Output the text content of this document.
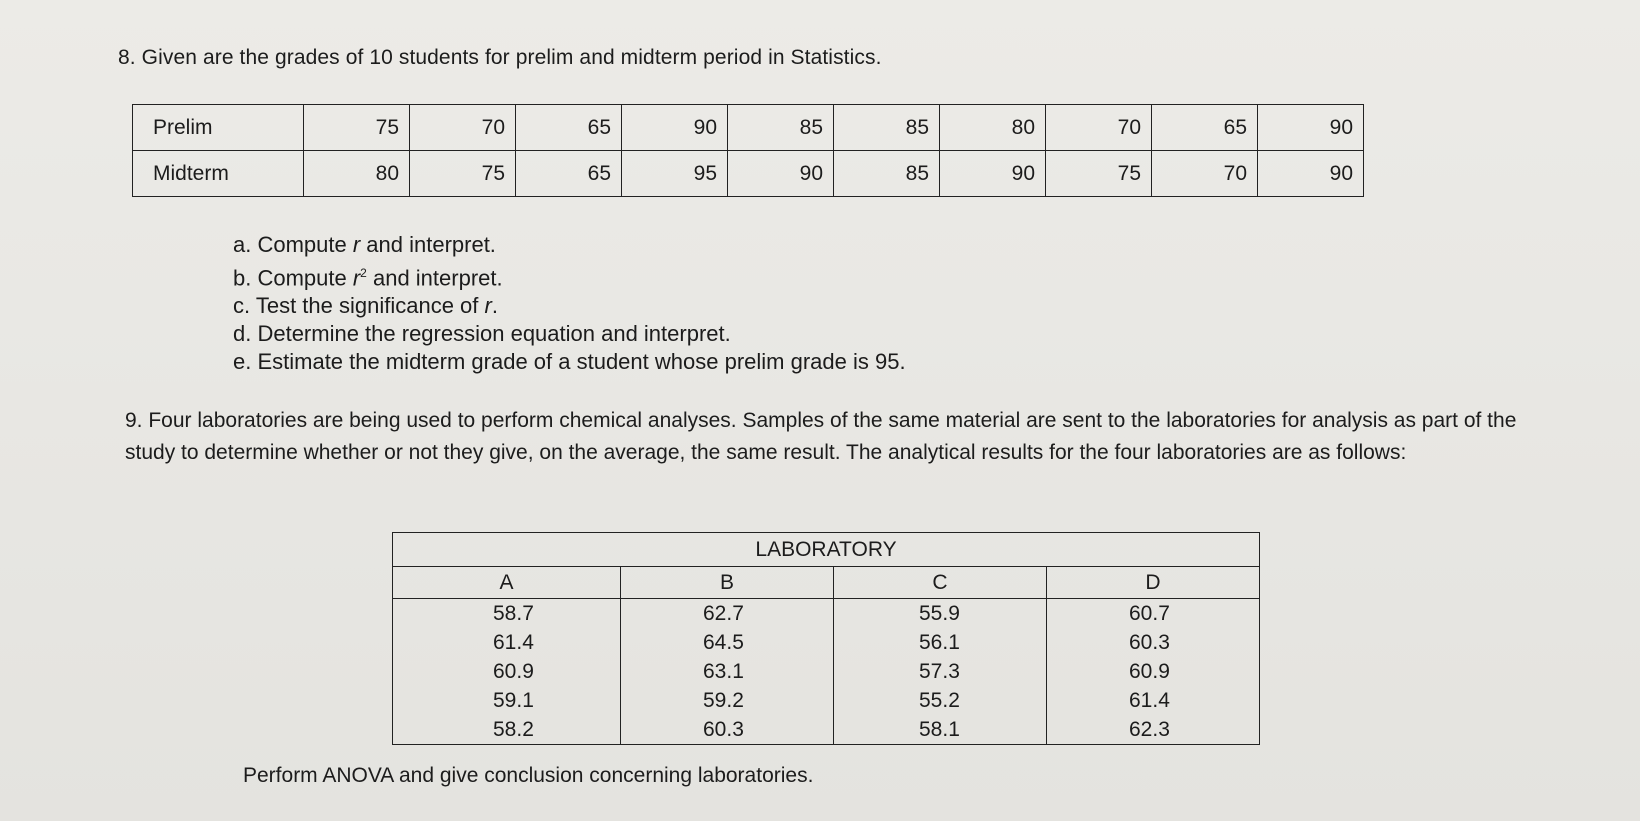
8. Given are the grades of 10 students for prelim and midterm period in Statistics.
Prelim	75	70	65	90	85	85	80	70	65	90
Midterm	80	75	65	95	90	85	90	75	70	90
a. Compute r and interpret.
b. Compute $r^2$ and interpret.
c. Test the significance of r.
d. Determine the regression equation and interpret.
e. Estimate the midterm grade of a student whose prelim grade is 95.

9. Four laboratories are being used to perform chemical analyses. Samples of the same material are sent to the laboratories for analysis as part of the study to determine whether or not they give, on the average, the same result. The analytical results for the four laboratories are as follows:

LABORATORY			
A	B	C	D
58.7	62.7	55.9	60.7
61.4	64.5	56.1	60.3
60.9	63.1	57.3	60.9
59.1	59.2	55.2	61.4
58.2	60.3	58.1	62.3
Perform ANOVA and give conclusion concerning laboratories.
